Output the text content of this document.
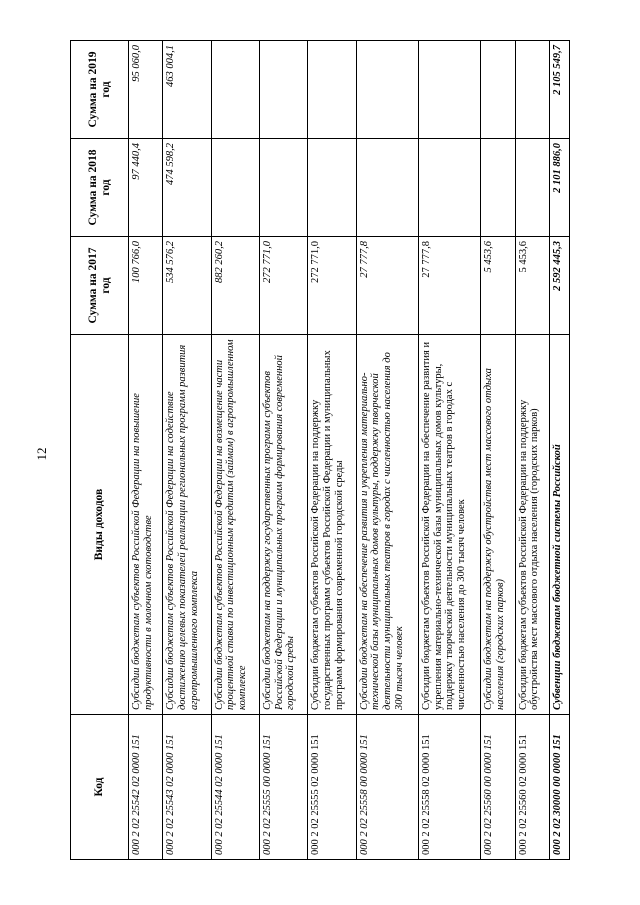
12
Код	Виды доходов	Сумма на 2017 год	Сумма на 2018 год	Сумма на 2019 год
000 2 02 25542 02 0000 151	Субсидии бюджетам субъектов Российской Федерации на повышение продуктивности в молочном скотоводстве	100 766,0	97 440,4	95 060,0
000 2 02 25543 02 0000 151	Субсидии бюджетам субъектов Российской Федерации на содействие достижению целевых показателей реализации региональных программ развития агропромышленного комплекса	534 576,2	474 598,2	463 004,1
000 2 02 25544 02 0000 151	Субсидии бюджетам субъектов Российской Федерации на возмещение части процентной ставки по инвестиционным кредитам (займам) в агропромышленном комплексе	882 260,2		
000 2 02 25555 00 0000 151	Субсидии бюджетам на поддержку государственных программ субъектов Российской Федерации и муниципальных программ формирования современной городской среды	272 771,0		
000 2 02 25555 02 0000 151	Субсидии бюджетам субъектов Российской Федерации на поддержку государственных программ субъектов Российской Федерации и муниципальных программ формирования современной городской среды	272 771,0		
000 2 02 25558 00 0000 151	Субсидии бюджетам на обеспечение развития и укрепления материально-технической базы муниципальных домов культуры, поддержку творческой деятельности муниципальных театров в городах с численностью населения до 300 тысяч человек	27 777,8		
000 2 02 25558 02 0000 151	Субсидии бюджетам субъектов Российской Федерации на обеспечение развития и укрепления материально-технической базы муниципальных домов культуры, поддержку творческой деятельности муниципальных театров в городах с численностью населения до 300 тысяч человек	27 777,8		
000 2 02 25560 00 0000 151	Субсидии бюджетам на поддержку обустройства мест массового отдыха населения (городских парков)	5 453,6		
000 2 02 25560 02 0000 151	Субсидии бюджетам субъектов Российской Федерации на поддержку обустройства мест массового отдыха населения (городских парков)	5 453,6		
000 2 02 30000 00 0000 151	Субвенции бюджетам бюджетной системы Российской	2 592 445,3	2 101 886,0	2 105 549,7
